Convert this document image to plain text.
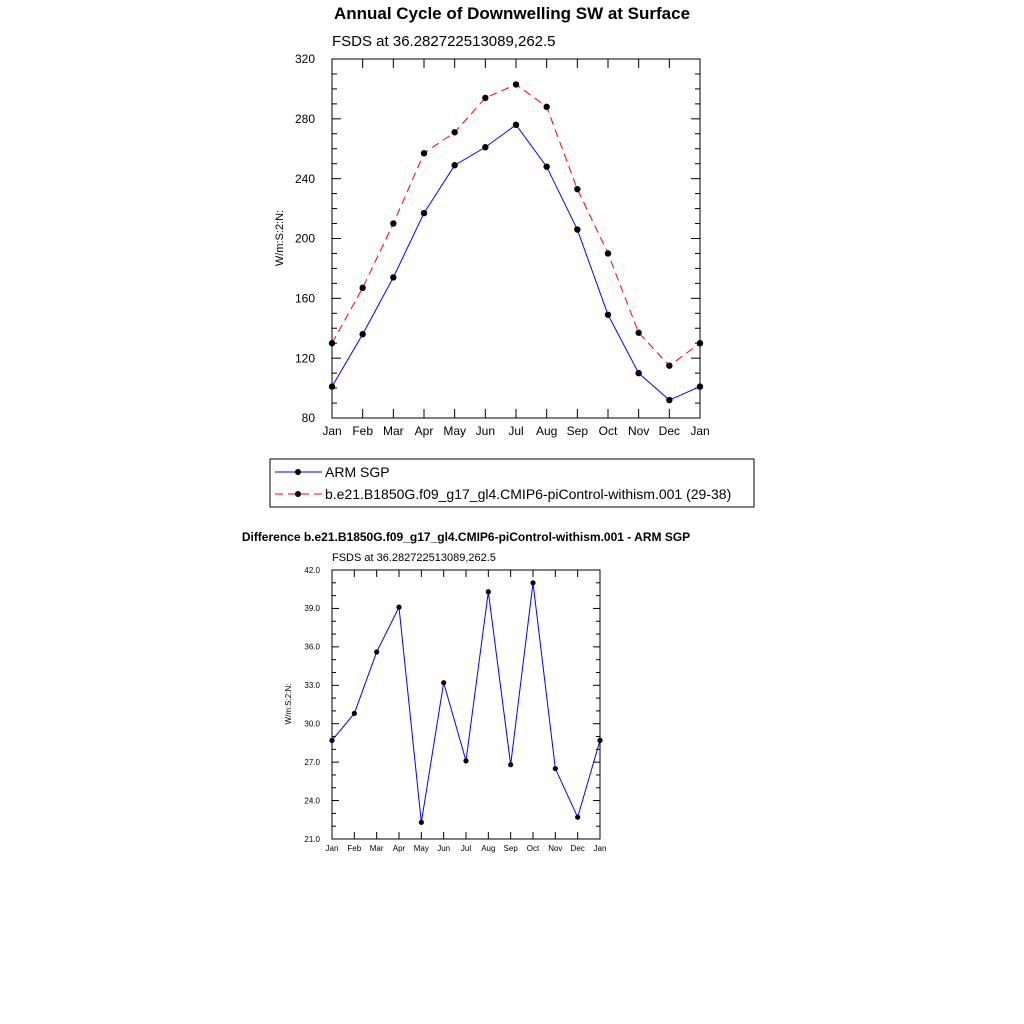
Annual Cycle of Downwelling SW at Surface
FSDS at 36.282722513089,262.5
W/m:S:2:N:
Jan Feb Mar Apr May Jun Jul Aug Sep Oct Nov Dec Jan
80
120
160
200
240
280
320
ARM SGP
b.e21.B1850G.f09_g17_gl4.CMIP6-piControl-withism.001 (29-38)
Difference b.e21.B1850G.f09_g17_gl4.CMIP6-piControl-withism.001 - ARM SGP
FSDS at 36.282722513089,262.5
W/m:S:2:N:
Jan Feb Mar Apr May Jun Jul Aug Sep Oct Nov Dec Jan
21.0
24.0
27.0
30.0
33.0
36.0
39.0
42.0
